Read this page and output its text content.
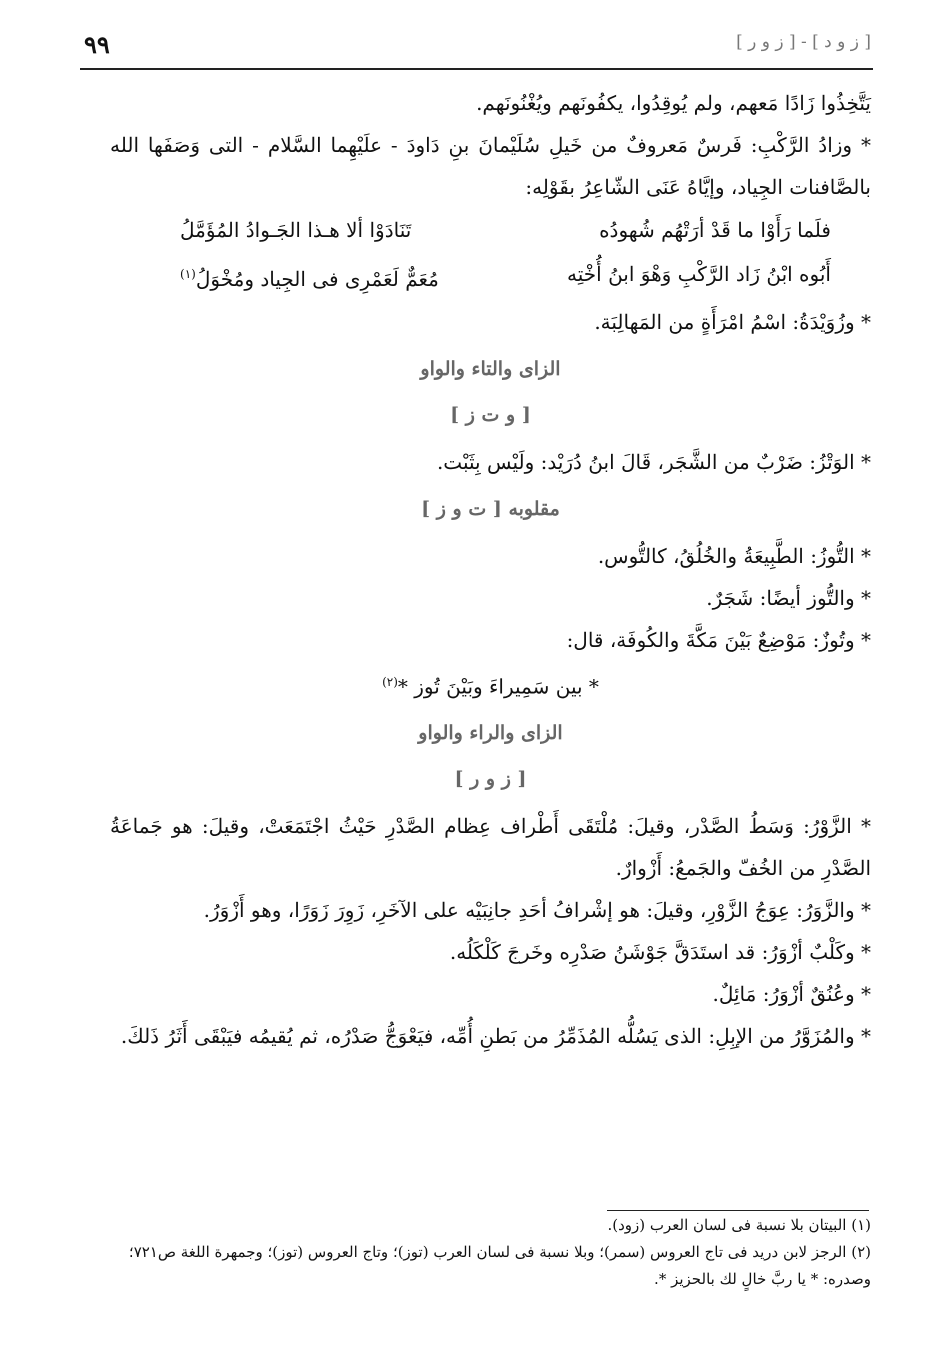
٩٩	[ ز و د ] - [ ز و ر ]

يَتَّخِذُوا زَادًا مَعهم، ولم يُوقِدُوا، يكفُونَهم ويُغْنُونَهم.

* وزادُ الرَّكْبِ: فَرسٌ مَعروفٌ من خَيلِ سُلَيْمانَ بنِ دَاودَ - علَيْهِما السَّلام - التى وَصَفَها الله بالصَّافنات الجِياد، وإيَّاهُ عَنَى الشّاعِرُ بقَوْلِه:

فلَما رَأَوْا ما قَدْ أرَتْهُم شُهودُه
تَنَادَوْا ألا هـذا الجَـوادُ المُؤَمَّلُ
أَبُوه ابْنُ زَاد الرَّكْبِ وَهْوَ ابنُ أُخْتِه
مُعَمٌّ لَعَمْرِى فى الجِياد ومُخْوَلُ(١)

* وزُوَيْدَةُ: اسْمُ امْرَأَةٍ من المَهالِبَة.

الزاى والتاء والواو
[ و ت ز ]

* الوَتْزُ: ضَرْبٌ من الشَّجَر، قَالَ ابنُ دُرَيْد: ولَيْس بِثَبْت.

مقلوبه [ ت و ز ]

* التُّوزُ: الطَّبِيعَةُ والخُلُقُ، كالتُّوس.

* والتُّوز أيضًا: شَجَرٌ.

* وتُوزٌ: مَوْضِعٌ بَيْنَ مَكَّةَ والكُوفَة، قال:

* بين سَمِيراءَ وبَيْنَ تُوز *$^{(٢)}$
الزاى والراء والواو
[ ز و ر ]

* الزَّوْرُ: وَسَطُ الصَّدْر، وقيلَ: مُلْتَقَى أَطْراف عِظام الصَّدْرِ حَيْثُ اجْتَمَعَتْ، وقيلَ: هو جَماعَةُ الصَّدْرِ من الخُفّ والجَمعُ: أَزْوارٌ.

* والزَّوَرُ: عِوَجُ الزَّوْرِ، وقيلَ: هو إشْرافُ أحَدِ جانِبَيْه على الآخَرِ، زَوِرَ زَوَرًا، وهو أَزْوَرُ.

* وكَلْبٌ أزْوَرُ: قد استَدَقَّ جَوْشَنُ صَدْرِه وخَرجَ كَلْكَلُه.

* وعُنُقٌ أزْوَرُ: مَائِلٌ.

* والمُزَوَّرُ من الإبِلِ: الذى يَسُلُّه المُذَمِّرُ من بَطنِ أُمِّه، فيَعْوَجُّ صَدْرُه، ثم يُقيمُه فيَبْقَى أَثَرُ ذَلكَ.

(١) البيتان بلا نسبة فى لسان العرب (زود).

(٢) الرجز لابن دريد فى تاج العروس (سمر)؛ وبلا نسبة فى لسان العرب (توز)؛ وتاج العروس (توز)؛ وجمهرة اللغة ص٧٢١؛ وصدره: * يا ربَّ خالٍ لك بالحزيز *.
